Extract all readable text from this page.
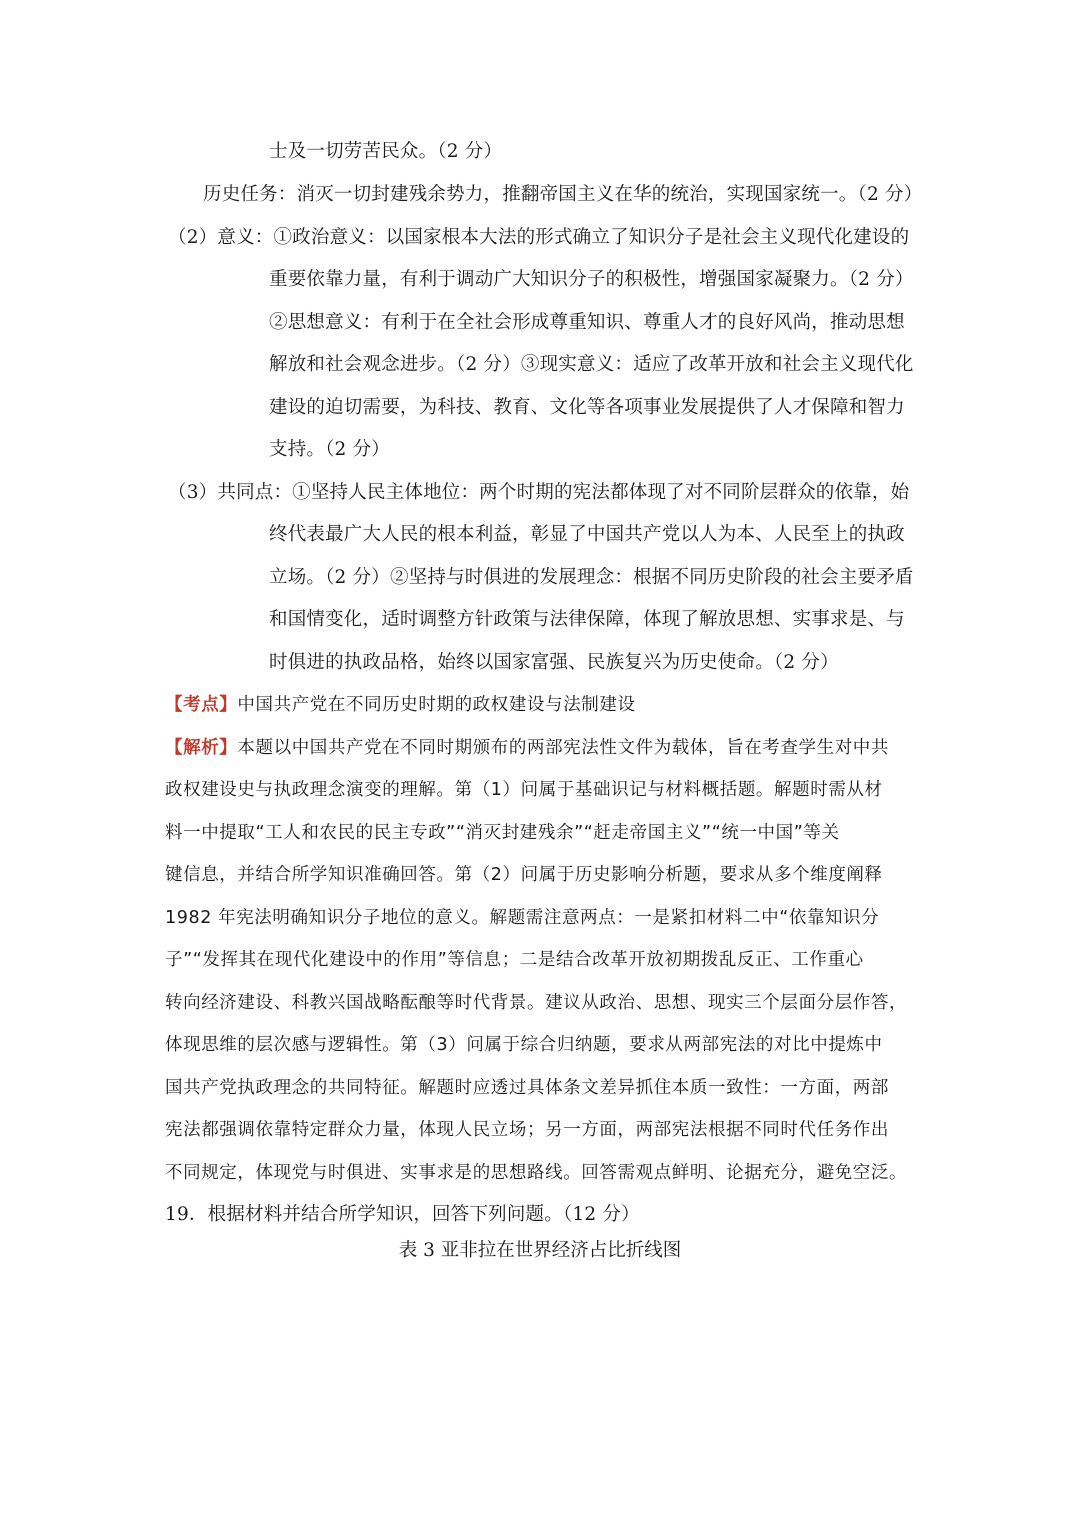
士及一切劳苦民众。（2 分）
历史任务：消灭一切封建残余势力，推翻帝国主义在华的统治，实现国家统一。（2 分）
（2）意义：①政治意义：以国家根本大法的形式确立了知识分子是社会主义现代化建设的
重要依靠力量，有利于调动广大知识分子的积极性，增强国家凝聚力。（2 分）
②思想意义：有利于在全社会形成尊重知识、尊重人才的良好风尚，推动思想
解放和社会观念进步。（2 分）③现实意义：适应了改革开放和社会主义现代化
建设的迫切需要，为科技、教育、文化等各项事业发展提供了人才保障和智力
支持。（2 分）
（3）共同点：①坚持人民主体地位：两个时期的宪法都体现了对不同阶层群众的依靠，始
终代表最广大人民的根本利益，彰显了中国共产党以人为本、人民至上的执政
立场。（2 分）②坚持与时俱进的发展理念：根据不同历史阶段的社会主要矛盾
和国情变化，适时调整方针政策与法律保障，体现了解放思想、实事求是、与
时俱进的执政品格，始终以国家富强、民族复兴为历史使命。（2 分）
【考点】中国共产党在不同历史时期的政权建设与法制建设
【解析】本题以中国共产党在不同时期颁布的两部宪法性文件为载体，旨在考查学生对中共
政权建设史与执政理念演变的理解。第（1）问属于基础识记与材料概括题。解题时需从材
料一中提取“工人和农民的民主专政”“消灭封建残余”“赶走帝国主义”“统一中国”等关
键信息，并结合所学知识准确回答。第（2）问属于历史影响分析题，要求从多个维度阐释
1982 年宪法明确知识分子地位的意义。解题需注意两点：一是紧扣材料二中“依靠知识分
子”“发挥其在现代化建设中的作用”等信息；二是结合改革开放初期拨乱反正、工作重心
转向经济建设、科教兴国战略酝酿等时代背景。建议从政治、思想、现实三个层面分层作答，
体现思维的层次感与逻辑性。第（3）问属于综合归纳题，要求从两部宪法的对比中提炼中
国共产党执政理念的共同特征。解题时应透过具体条文差异抓住本质一致性：一方面，两部
宪法都强调依靠特定群众力量，体现人民立场；另一方面，两部宪法根据不同时代任务作出
不同规定，体现党与时俱进、实事求是的思想路线。回答需观点鲜明、论据充分，避免空泛。
19．根据材料并结合所学知识，回答下列问题。（12 分）
表 3 亚非拉在世界经济占比折线图
